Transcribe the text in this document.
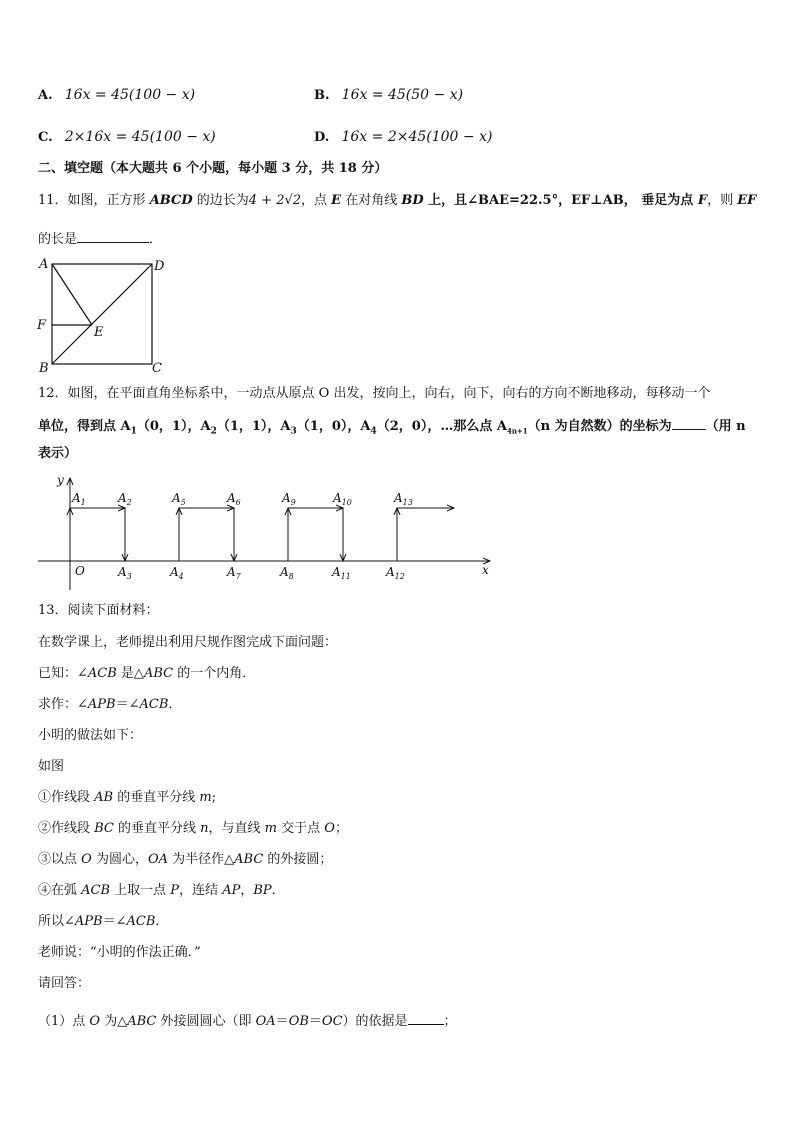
A. 16x = 45(100 − x)	B. 16x = 45(50 − x)
C. 2×16x = 45(100 − x)	D. 16x = 2×45(100 − x)
二、填空题（本大题共 6 个小题，每小题 3 分，共 18 分）
11．如图，正方形 ABCD 的边长为4 + 2√2，点 E 在对角线 BD 上，且∠BAE=22.5°，EF⊥AB， 垂足为点 F，则 EF
的长是	．
A	D
F	E
B	C
12．如图，在平面直角坐标系中，一动点从原点 O 出发，按向上，向右，向下，向右的方向不断地移动，每移动一个
单位，得到点 $A_1(0$，1），$A_2(1$，1），$A_3(1$，0），$A_4(2$，0），…那么点 $A_{4n+1}(n$ 为自然数）的坐标为	（用 n
表示）
y
x
O
$A_1$	$A_2$
$A_3$	$A_4$
$A_5$	$A_6$
$A_7$	$A_8$
$A_9$	$A_{10}$
$A_{11}$	$A_{12}$
$A_{13}$
13．阅读下面材料：
在数学课上，老师提出利用尺规作图完成下面问题：
已知：∠ACB 是△ABC 的一个内角．
求作：∠APB＝∠ACB．
小明的做法如下：
如图
①作线段 AB 的垂直平分线 m;
②作线段 BC 的垂直平分线 n，与直线 m 交于点 O；
③以点 O 为圆心，OA 为半径作△ABC 的外接圆；
④在弧 ACB 上取一点 P，连结 AP，BP．
所以∠APB＝∠ACB．
老师说：“小明的作法正确．”
请回答：
（1）点 O 为△ABC 外接圆圆心（即 OA＝OB＝OC）的依据是	；
